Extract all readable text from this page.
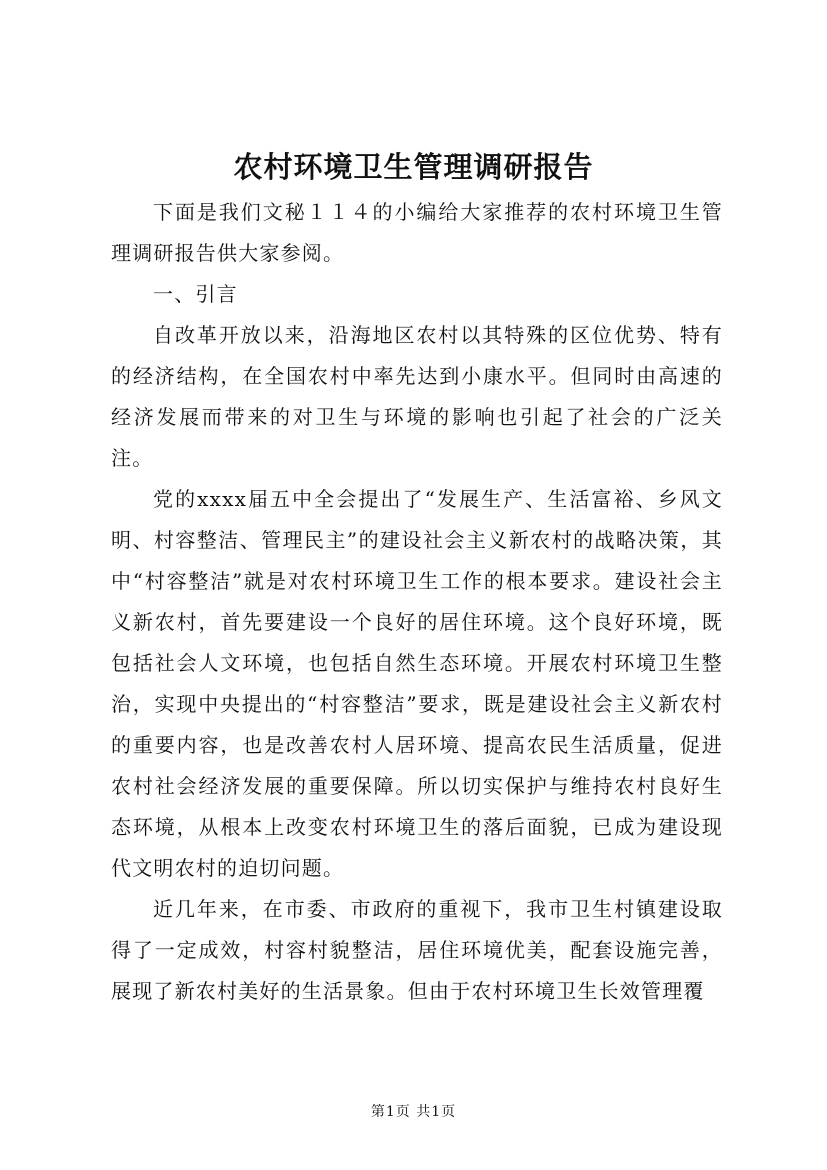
农村环境卫生管理调研报告

下面是我们文秘１１４的小编给大家推荐的农村环境卫生管理调研报告供大家参阅。

一、引言

自改革开放以来，沿海地区农村以其特殊的区位优势、特有的经济结构，在全国农村中率先达到小康水平。但同时由高速的经济发展而带来的对卫生与环境的影响也引起了社会的广泛关注。

党的xxxx届五中全会提出了“发展生产、生活富裕、乡风文明、村容整洁、管理民主”的建设社会主义新农村的战略决策，其中“村容整洁”就是对农村环境卫生工作的根本要求。建设社会主义新农村，首先要建设一个良好的居住环境。这个良好环境，既包括社会人文环境，也包括自然生态环境。开展农村环境卫生整治，实现中央提出的“村容整洁”要求，既是建设社会主义新农村的重要内容，也是改善农村人居环境、提高农民生活质量，促进农村社会经济发展的重要保障。所以切实保护与维持农村良好生态环境，从根本上改变农村环境卫生的落后面貌，已成为建设现代文明农村的迫切问题。

近几年来，在市委、市政府的重视下，我市卫生村镇建设取得了一定成效，村容村貌整洁，居住环境优美，配套设施完善，展现了新农村美好的生活景象。但由于农村环境卫生长效管理覆

第1页 共1页
